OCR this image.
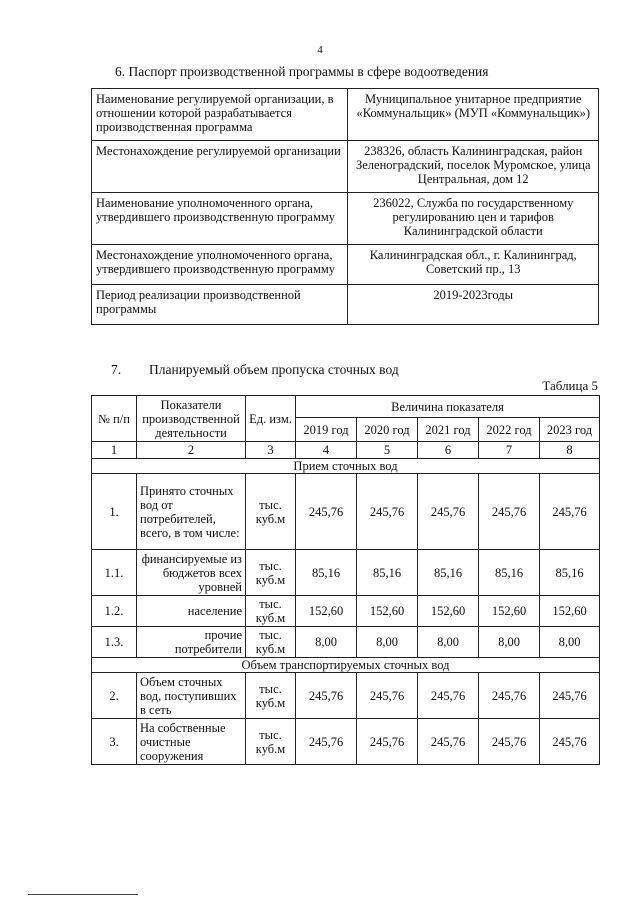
4
6. Паспорт производственной программы в сфере водоотведения
Наименование регулируемой организации, в отношении которой разрабатывается производственная программа	Муниципальное унитарное предприятие «Коммунальщик» (МУП «Коммунальщик»)
Местонахождение регулируемой организации	238326, область Калининградская, район Зеленоградский, поселок Муромское, улица Центральная, дом 12
Наименование уполномоченного органа, утвердившего производственную программу	236022, Служба по государственному регулированию цен и тарифов Калининградской области
Местонахождение уполномоченного органа, утвердившего производственную программу	Калининградская обл., г. Калининград, Советский пр., 13
Период реализации производственной программы	2019-2023годы
7. Планируемый объем пропуска сточных вод
Таблица 5
№ п/п	Показатели производственной деятельности	Ед. изм.	Величина показателя				
			2019 год	2020 год	2021 год	2022 год	2023 год
1	2	3	4	5	6	7	8
Прием сточных вод							
1.	Принято сточных вод от потребителей, всего, в том числе:	тыс. куб.м	245,76	245,76	245,76	245,76	245,76
1.1.	финансируемые из бюджетов всех уровней	тыс. куб.м	85,16	85,16	85,16	85,16	85,16
1.2.	население	тыс. куб.м	152,60	152,60	152,60	152,60	152,60
1.3.	прочие потребители	тыс. куб.м	8,00	8,00	8,00	8,00	8,00
Объем транспортируемых сточных вод							
2.	Объем сточных вод, поступивших в сеть	тыс. куб.м	245,76	245,76	245,76	245,76	245,76
3.	На собственные очистные сооружения	тыс. куб.м	245,76	245,76	245,76	245,76	245,76
